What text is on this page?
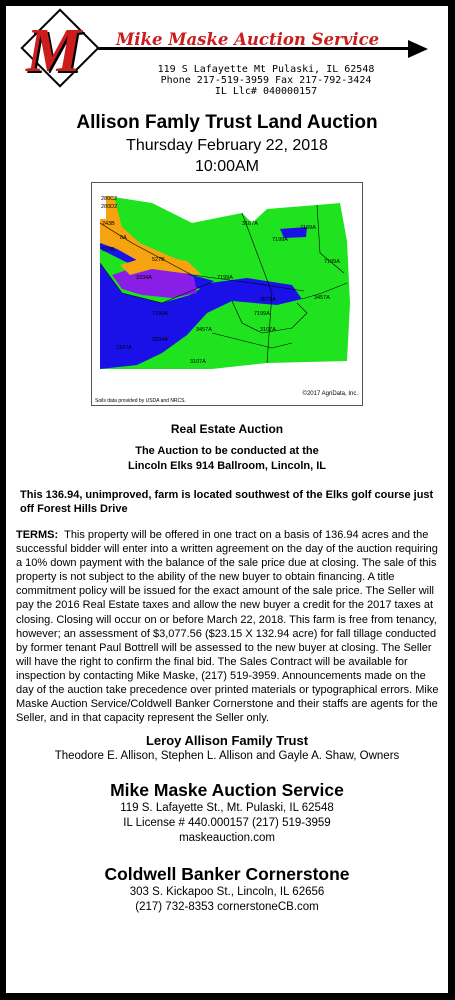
M Mike Maske Auction Service
119 S Lafayette Mt Pulaski, IL 62548
Phone 217-519-3959 Fax 217-792-3424
IL Llc# 040000157
Allison Famly Trust Land Auction
Thursday February 22, 2018
10:00AM
280C2
280D2
243B
8A
527B
527B
3334A
3107A
7199A
7199A
7199A
3071A
7199A
3457A
3107A
7199A
3457A
7199A
3107A
3334A
3107A
©2017 AgriData, Inc.
Soils data provided by USDA and NRCS.
Real Estate Auction
The Auction to be conducted at the
Lincoln Elks 914 Ballroom, Lincoln, IL
This 136.94, unimproved, farm is located southwest of the Elks golf course just off Forest Hills Drive
TERMS: This property will be offered in one tract on a basis of 136.94 acres and the successful bidder will enter into a written agreement on the day of the auction requiring a 10% down payment with the balance of the sale price due at closing. The sale of this property is not subject to the ability of the new buyer to obtain financing. A title commitment policy will be issued for the exact amount of the sale price. The Seller will pay the 2016 Real Estate taxes and allow the new buyer a credit for the 2017 taxes at closing. Closing will occur on or before March 22, 2018. This farm is free from tenancy, however; an assessment of $3,077.56 ($23.15 X 132.94 acre) for fall tillage conducted by former tenant Paul Bottrell will be assessed to the new buyer at closing. The Seller will have the right to confirm the final bid. The Sales Contract will be available for inspection by contacting Mike Maske, (217) 519-3959. Announcements made on the day of the auction take precedence over printed materials or typographical errors. Mike Maske Auction Service/Coldwell Banker Cornerstone and their staffs are agents for the Seller, and in that capacity represent the Seller only.
Leroy Allison Family Trust
Theodore E. Allison, Stephen L. Allison and Gayle A. Shaw, Owners
Mike Maske Auction Service
119 S. Lafayette St., Mt. Pulaski, IL 62548
IL License # 440.000157 (217) 519-3959
maskeauction.com
Coldwell Banker Cornerstone
303 S. Kickapoo St., Lincoln, IL 62656
(217) 732-8353 cornerstoneCB.com
